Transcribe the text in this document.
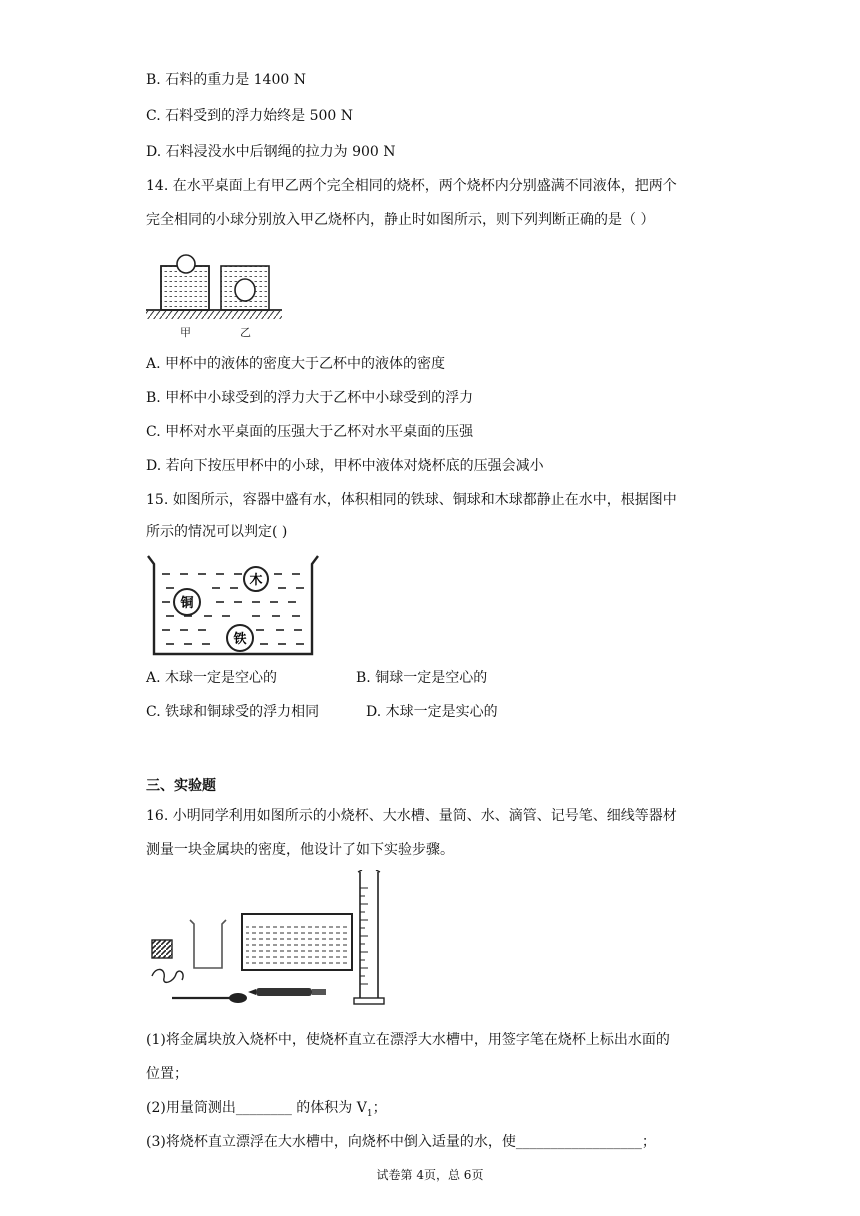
B. 石料的重力是 1400 N
C. 石料受到的浮力始终是 500 N
D. 石料浸没水中后钢绳的拉力为 900 N
14. 在水平桌面上有甲乙两个完全相同的烧杯，两个烧杯内分别盛满不同液体，把两个
完全相同的小球分别放入甲乙烧杯内，静止时如图所示，则下列判断正确的是（ ）
甲	乙
A. 甲杯中的液体的密度大于乙杯中的液体的密度
B. 甲杯中小球受到的浮力大于乙杯中小球受到的浮力
C. 甲杯对水平桌面的压强大于乙杯对水平桌面的压强
D. 若向下按压甲杯中的小球，甲杯中液体对烧杯底的压强会减小
15. 如图所示，容器中盛有水，体积相同的铁球、铜球和木球都静止在水中，根据图中
所示的情况可以判定( )
木
铜
铁
A. 木球一定是空心的	B. 铜球一定是空心的
C. 铁球和铜球受的浮力相同	D. 木球一定是实心的
三、实验题
16. 小明同学利用如图所示的小烧杯、大水槽、量筒、水、滴管、记号笔、细线等器材
测量一块金属块的密度，他设计了如下实验步骤。
(1)将金属块放入烧杯中，使烧杯直立在漂浮大水槽中，用签字笔在烧杯上标出水面的
位置；
(2)用量筒测出________ 的体积为 $V_1$；
(3)将烧杯直立漂浮在大水槽中，向烧杯中倒入适量的水，使__________________；
试卷第 4页，总 6页
